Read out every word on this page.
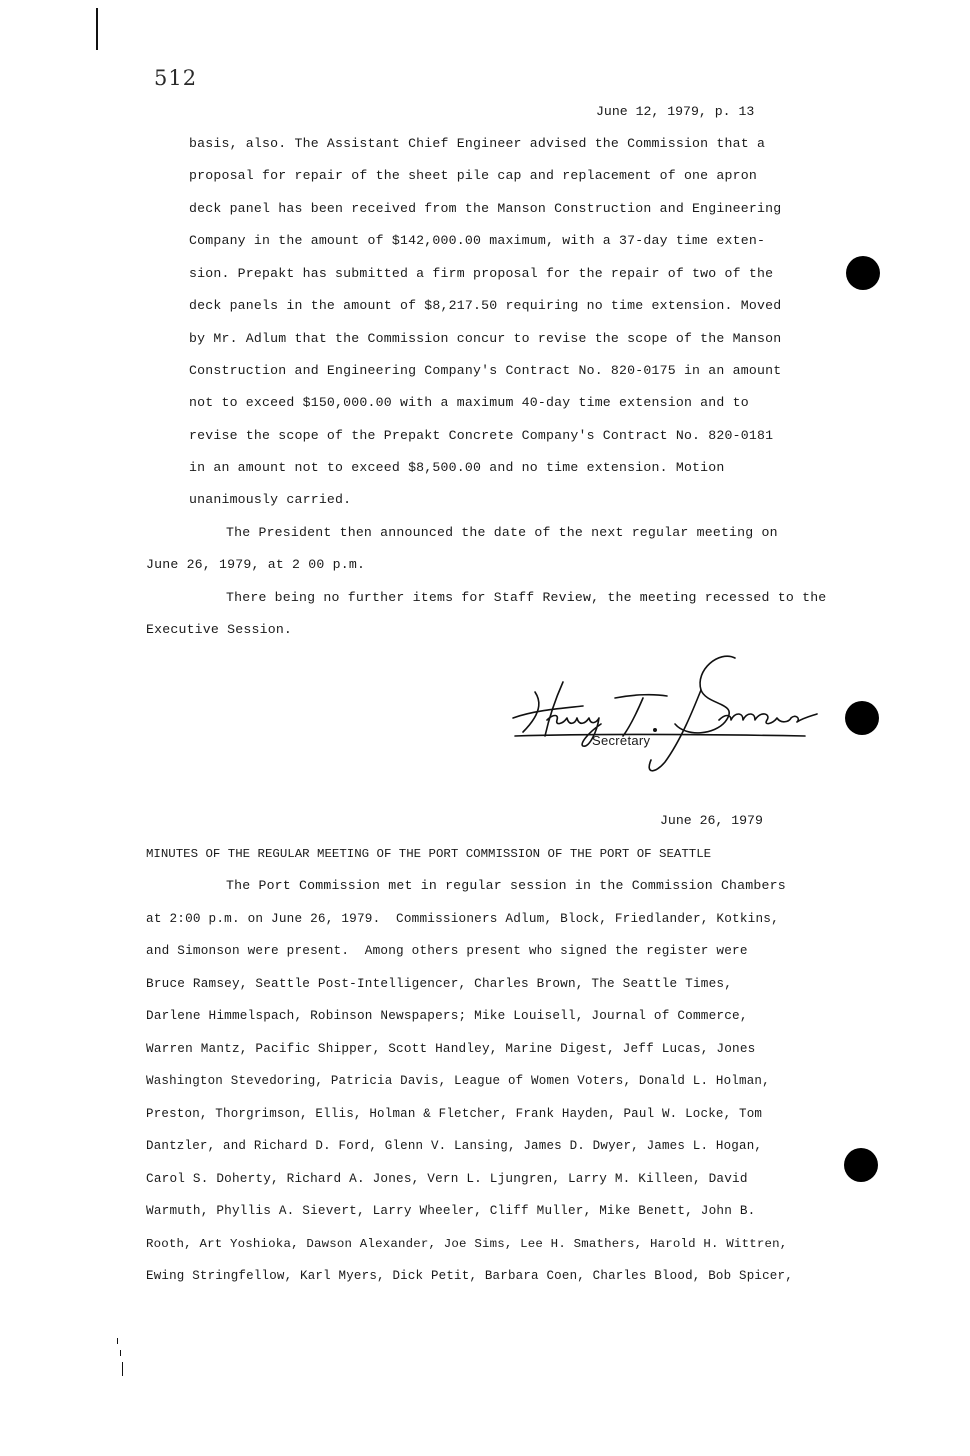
512
June 12, 1979, p. 13
basis, also. The Assistant Chief Engineer advised the Commission that a
proposal for repair of the sheet pile cap and replacement of one apron
deck panel has been received from the Manson Construction and Engineering
Company in the amount of $142,000.00 maximum, with a 37-day time exten-
sion. Prepakt has submitted a firm proposal for the repair of two of the
deck panels in the amount of $8,217.50 requiring no time extension. Moved
by Mr. Adlum that the Commission concur to revise the scope of the Manson
Construction and Engineering Company's Contract No. 820-0175 in an amount
not to exceed $150,000.00 with a maximum 40-day time extension and to
revise the scope of the Prepakt Concrete Company's Contract No. 820-0181
in an amount not to exceed $8,500.00 and no time extension. Motion
unanimously carried.
The President then announced the date of the next regular meeting on
June 26, 1979, at 2 00 p.m.
There being no further items for Staff Review, the meeting recessed to the
Executive Session.
Secretary
June 26, 1979
MINUTES OF THE REGULAR MEETING OF THE PORT COMMISSION OF THE PORT OF SEATTLE
The Port Commission met in regular session in the Commission Chambers
at 2:00 p.m. on June 26, 1979.  Commissioners Adlum, Block, Friedlander, Kotkins,
and Simonson were present.  Among others present who signed the register were
Bruce Ramsey, Seattle Post-Intelligencer, Charles Brown, The Seattle Times,
Darlene Himmelspach, Robinson Newspapers; Mike Louisell, Journal of Commerce,
Warren Mantz, Pacific Shipper, Scott Handley, Marine Digest, Jeff Lucas, Jones
Washington Stevedoring, Patricia Davis, League of Women Voters, Donald L. Holman,
Preston, Thorgrimson, Ellis, Holman & Fletcher, Frank Hayden, Paul W. Locke, Tom
Dantzler, and Richard D. Ford, Glenn V. Lansing, James D. Dwyer, James L. Hogan,
Carol S. Doherty, Richard A. Jones, Vern L. Ljungren, Larry M. Killeen, David
Warmuth, Phyllis A. Sievert, Larry Wheeler, Cliff Muller, Mike Benett, John B.
Rooth, Art Yoshioka, Dawson Alexander, Joe Sims, Lee H. Smathers, Harold H. Wittren,
Ewing Stringfellow, Karl Myers, Dick Petit, Barbara Coen, Charles Blood, Bob Spicer,
